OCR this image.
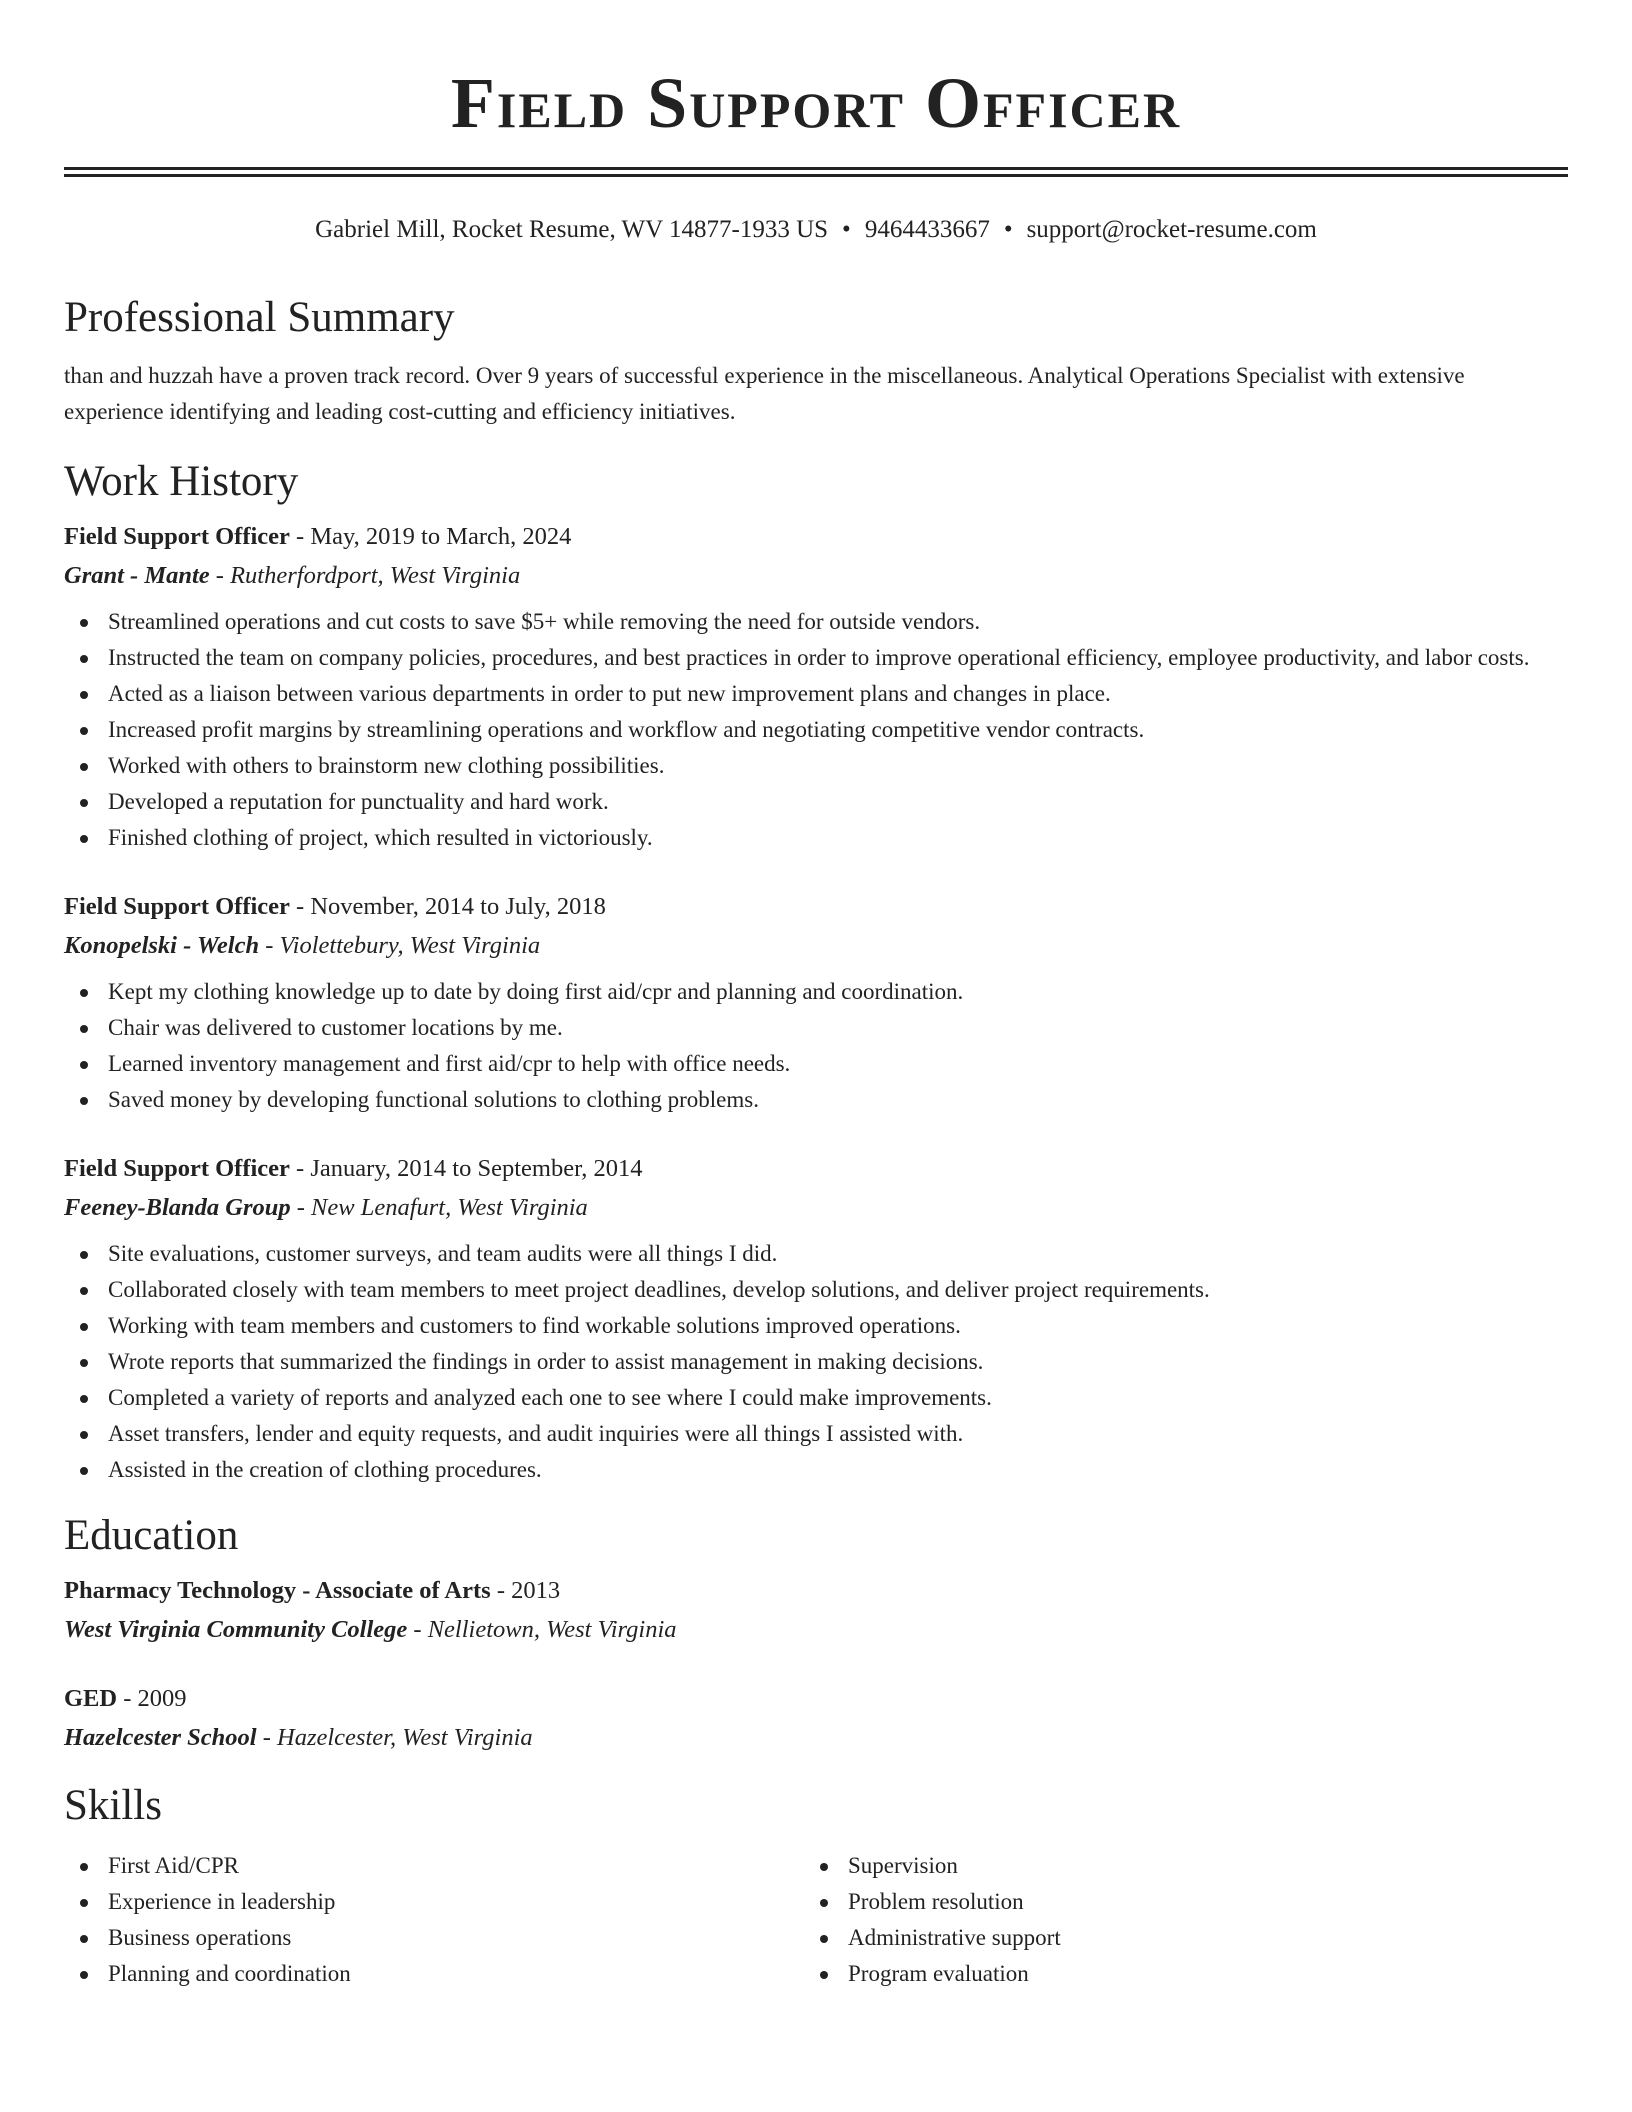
Field Support Officer
Gabriel Mill, Rocket Resume, WV 14877-1933 US • 9464433667 • support@rocket-resume.com
Professional Summary

than and huzzah have a proven track record. Over 9 years of successful experience in the miscellaneous. Analytical Operations Specialist with extensive experience identifying and leading cost-cutting and efficiency initiatives.

Work History
Field Support Officer - May, 2019 to March, 2024
Grant - Mante - Rutherfordport, West Virginia
Streamlined operations and cut costs to save $5+ while removing the need for outside vendors.
Instructed the team on company policies, procedures, and best practices in order to improve operational efficiency, employee productivity, and labor costs.
Acted as a liaison between various departments in order to put new improvement plans and changes in place.
Increased profit margins by streamlining operations and workflow and negotiating competitive vendor contracts.
Worked with others to brainstorm new clothing possibilities.
Developed a reputation for punctuality and hard work.
Finished clothing of project, which resulted in victoriously.
Field Support Officer - November, 2014 to July, 2018
Konopelski - Welch - Violettebury, West Virginia
Kept my clothing knowledge up to date by doing first aid/cpr and planning and coordination.
Chair was delivered to customer locations by me.
Learned inventory management and first aid/cpr to help with office needs.
Saved money by developing functional solutions to clothing problems.
Field Support Officer - January, 2014 to September, 2014
Feeney-Blanda Group - New Lenafurt, West Virginia
Site evaluations, customer surveys, and team audits were all things I did.
Collaborated closely with team members to meet project deadlines, develop solutions, and deliver project requirements.
Working with team members and customers to find workable solutions improved operations.
Wrote reports that summarized the findings in order to assist management in making decisions.
Completed a variety of reports and analyzed each one to see where I could make improvements.
Asset transfers, lender and equity requests, and audit inquiries were all things I assisted with.
Assisted in the creation of clothing procedures.
Education
Pharmacy Technology - Associate of Arts - 2013
West Virginia Community College - Nellietown, West Virginia
GED - 2009
Hazelcester School - Hazelcester, West Virginia
Skills
First Aid/CPR
Experience in leadership
Business operations
Planning and coordination
Supervision
Problem resolution
Administrative support
Program evaluation
